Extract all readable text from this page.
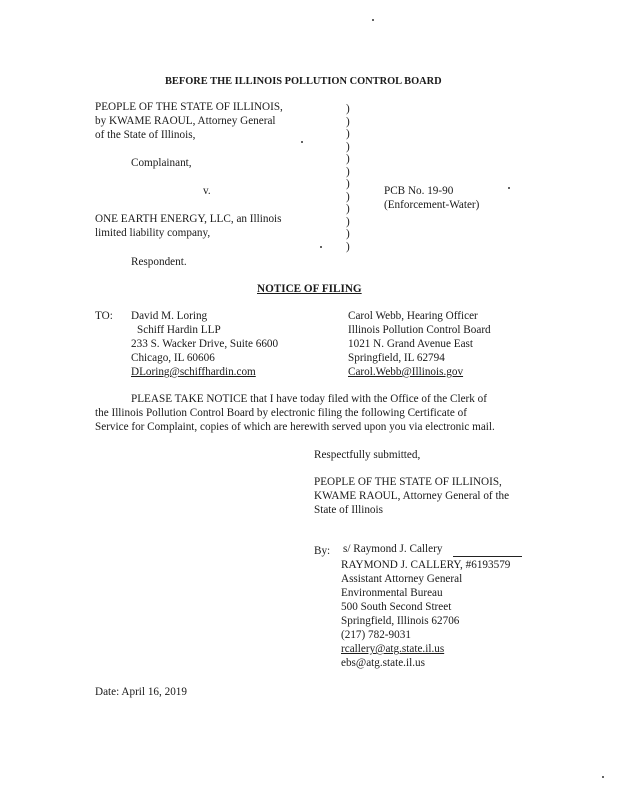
BEFORE THE ILLINOIS POLLUTION CONTROL BOARD
PEOPLE OF THE STATE OF ILLINOIS,
by KWAME RAOUL, Attorney General
of the State of Illinois,
Complainant,
v.
ONE EARTH ENERGY, LLC, an Illinois
limited liability company,
Respondent.
)
)
)
)
)
)
)
)
)
)
)
)
PCB No. 19-90
(Enforcement-Water)
NOTICE OF FILING
TO: David M. Loring
Schiff Hardin LLP
233 S. Wacker Drive, Suite 6600
Chicago, IL 60606
DLoring@schiffhardin.com
Carol Webb, Hearing Officer
Illinois Pollution Control Board
1021 N. Grand Avenue East
Springfield, IL 62794
Carol.Webb@Illinois.gov
PLEASE TAKE NOTICE that I have today filed with the Office of the Clerk of
the Illinois Pollution Control Board by electronic filing the following Certificate of
Service for Complaint, copies of which are herewith served upon you via electronic mail.
Respectfully submitted,
PEOPLE OF THE STATE OF ILLINOIS,
KWAME RAOUL, Attorney General of the
State of Illinois
By: s/ Raymond J. Callery
RAYMOND J. CALLERY, #6193579
Assistant Attorney General
Environmental Bureau
500 South Second Street
Springfield, Illinois 62706
(217) 782-9031
rcallery@atg.state.il.us
ebs@atg.state.il.us
Date: April 16, 2019
